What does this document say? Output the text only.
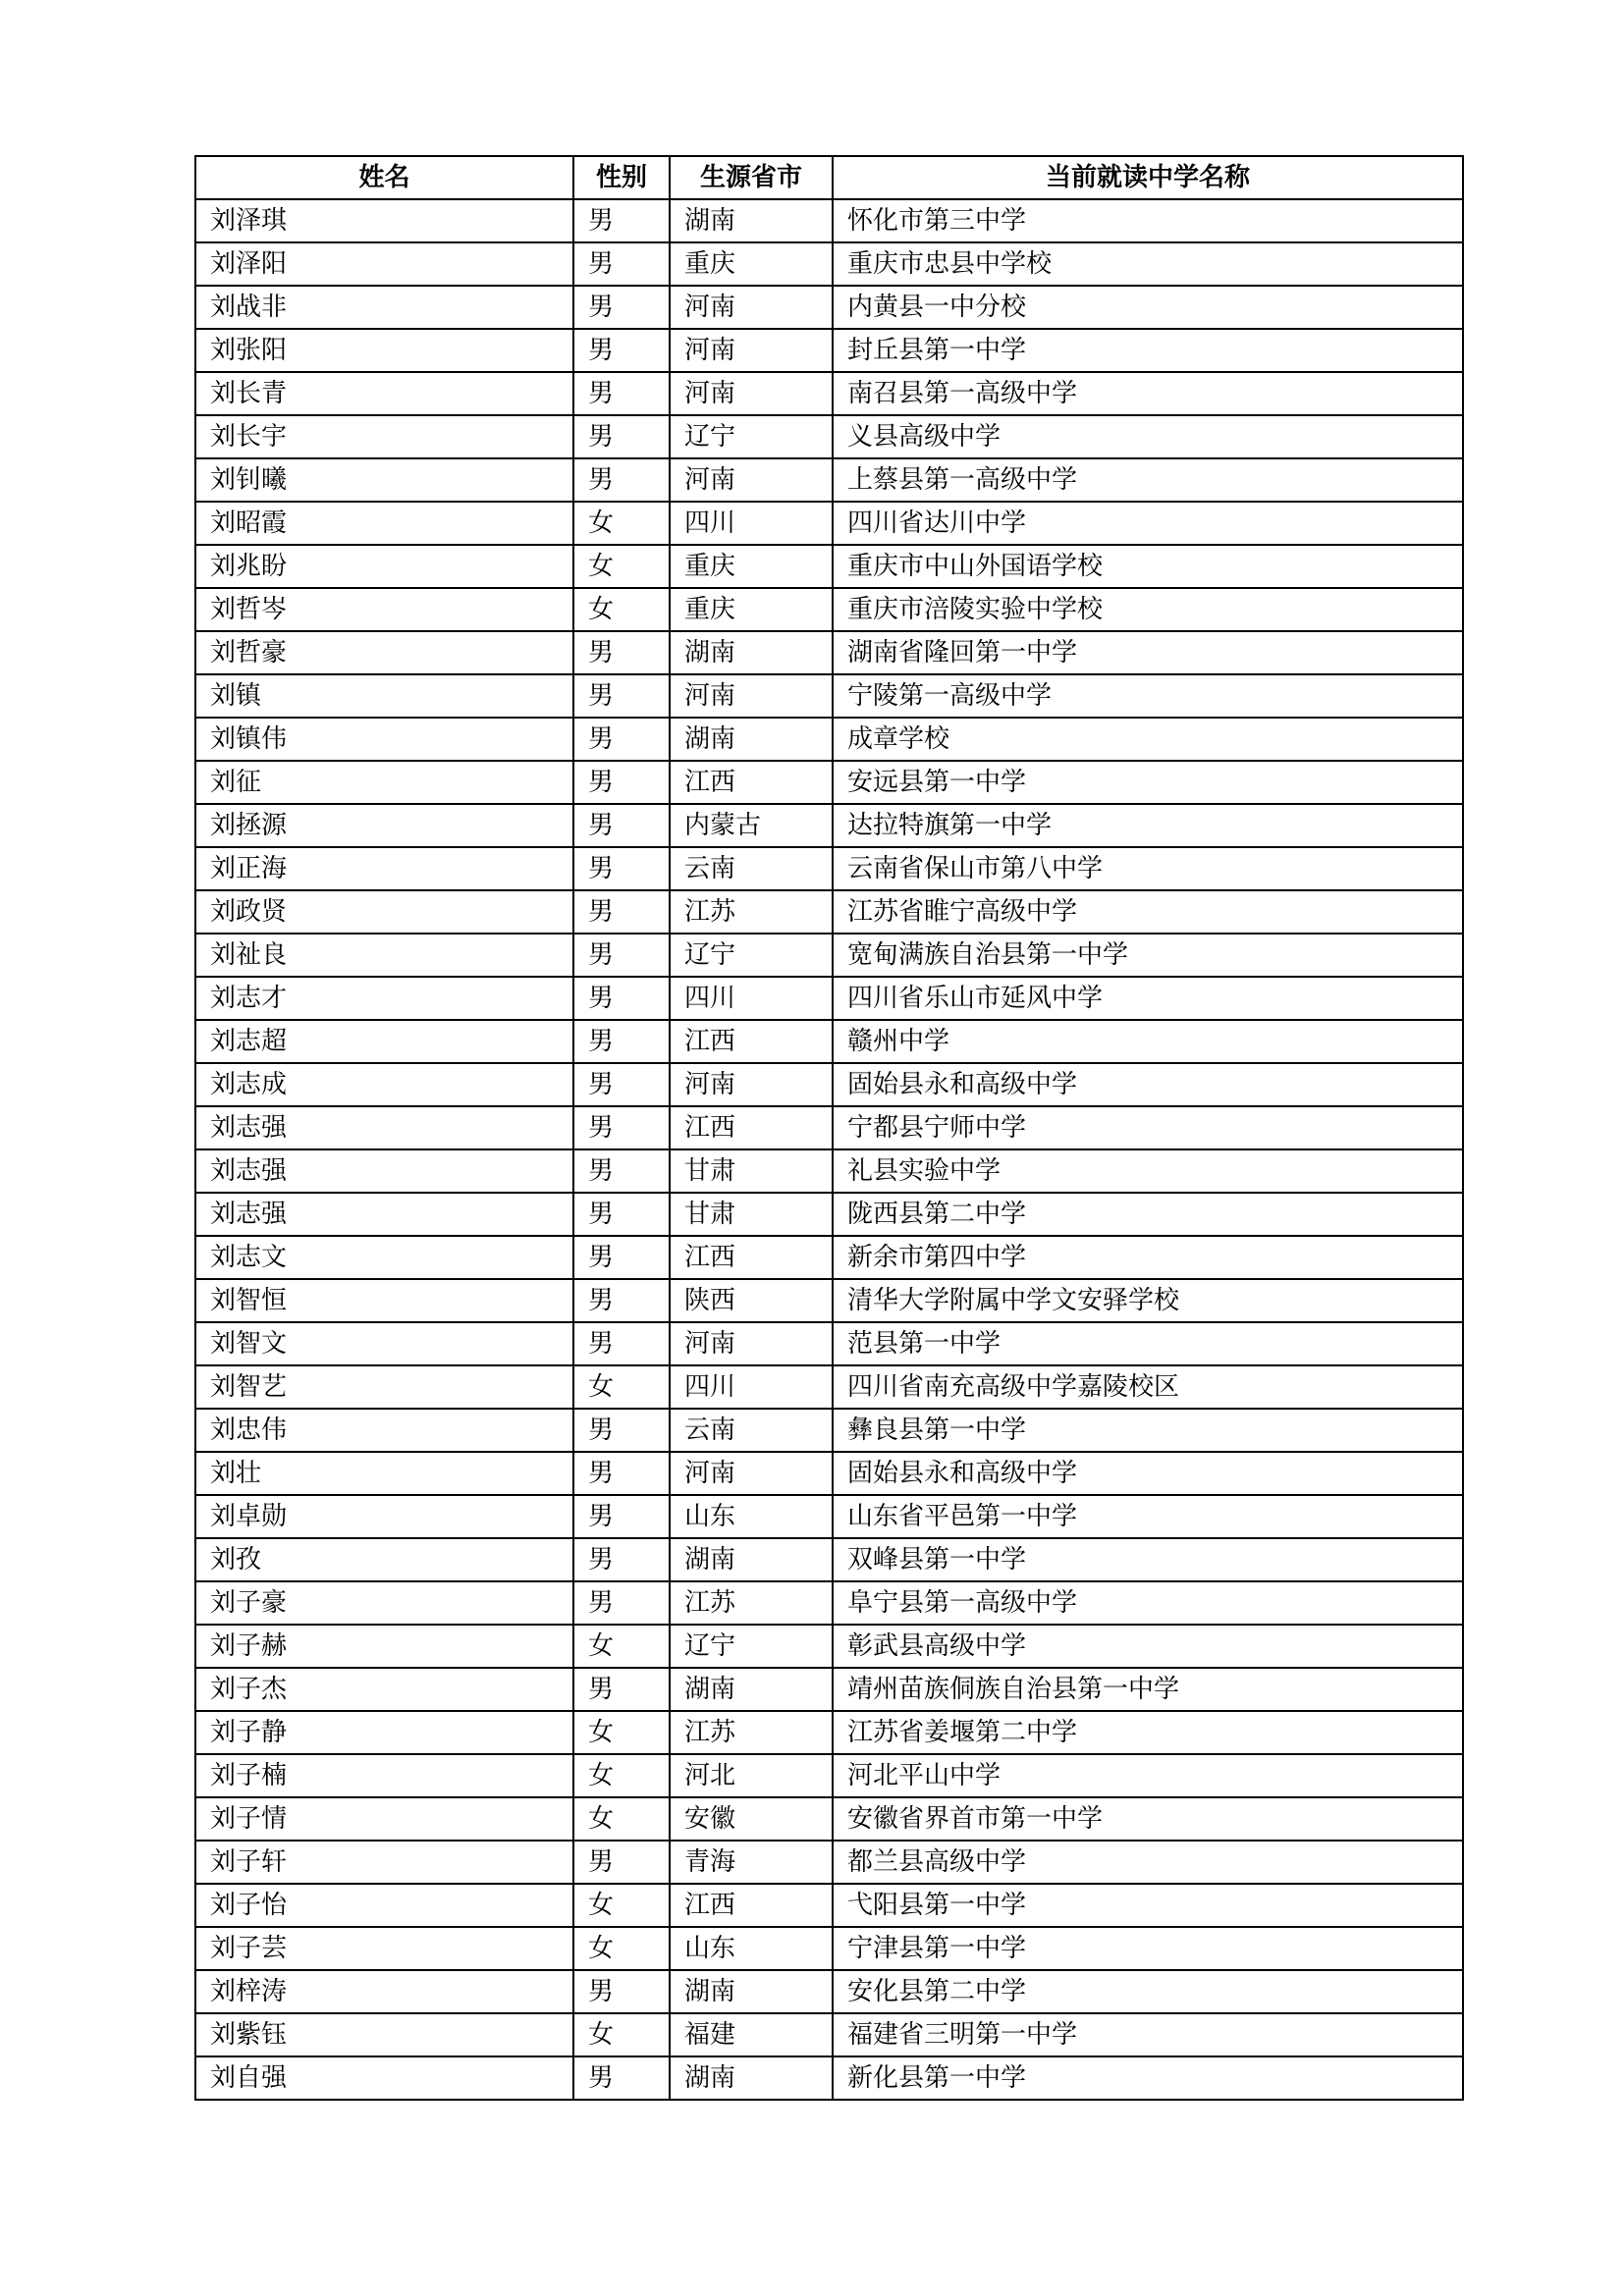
姓名	性别	生源省市	当前就读中学名称
刘泽琪	男	湖南	怀化市第三中学
刘泽阳	男	重庆	重庆市忠县中学校
刘战非	男	河南	内黄县一中分校
刘张阳	男	河南	封丘县第一中学
刘长青	男	河南	南召县第一高级中学
刘长宇	男	辽宁	义县高级中学
刘钊曦	男	河南	上蔡县第一高级中学
刘昭霞	女	四川	四川省达川中学
刘兆盼	女	重庆	重庆市中山外国语学校
刘哲岑	女	重庆	重庆市涪陵实验中学校
刘哲豪	男	湖南	湖南省隆回第一中学
刘镇	男	河南	宁陵第一高级中学
刘镇伟	男	湖南	成章学校
刘征	男	江西	安远县第一中学
刘拯源	男	内蒙古	达拉特旗第一中学
刘正海	男	云南	云南省保山市第八中学
刘政贤	男	江苏	江苏省睢宁高级中学
刘祉良	男	辽宁	宽甸满族自治县第一中学
刘志才	男	四川	四川省乐山市延风中学
刘志超	男	江西	赣州中学
刘志成	男	河南	固始县永和高级中学
刘志强	男	江西	宁都县宁师中学
刘志强	男	甘肃	礼县实验中学
刘志强	男	甘肃	陇西县第二中学
刘志文	男	江西	新余市第四中学
刘智恒	男	陕西	清华大学附属中学文安驿学校
刘智文	男	河南	范县第一中学
刘智艺	女	四川	四川省南充高级中学嘉陵校区
刘忠伟	男	云南	彝良县第一中学
刘壮	男	河南	固始县永和高级中学
刘卓勋	男	山东	山东省平邑第一中学
刘孜	男	湖南	双峰县第一中学
刘子豪	男	江苏	阜宁县第一高级中学
刘子赫	女	辽宁	彰武县高级中学
刘子杰	男	湖南	靖州苗族侗族自治县第一中学
刘子静	女	江苏	江苏省姜堰第二中学
刘子楠	女	河北	河北平山中学
刘子情	女	安徽	安徽省界首市第一中学
刘子轩	男	青海	都兰县高级中学
刘子怡	女	江西	弋阳县第一中学
刘子芸	女	山东	宁津县第一中学
刘梓涛	男	湖南	安化县第二中学
刘紫钰	女	福建	福建省三明第一中学
刘自强	男	湖南	新化县第一中学
